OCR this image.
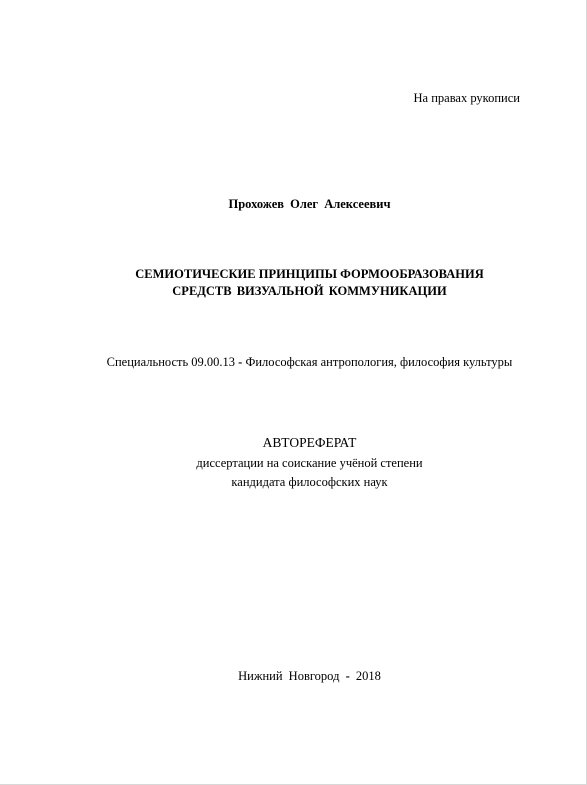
На правах рукописи
Прохожев Олег Алексеевич
СЕМИОТИЧЕСКИЕ ПРИНЦИПЫ ФОРМООБРАЗОВАНИЯ
СРЕДСТВ ВИЗУАЛЬНОЙ КОММУНИКАЦИИ
Специальность 09.00.13 - Философская антропология, философия культуры
АВТОРЕФЕРАТ
диссертации на соискание учёной степени
кандидата философских наук
Нижний Новгород - 2018
